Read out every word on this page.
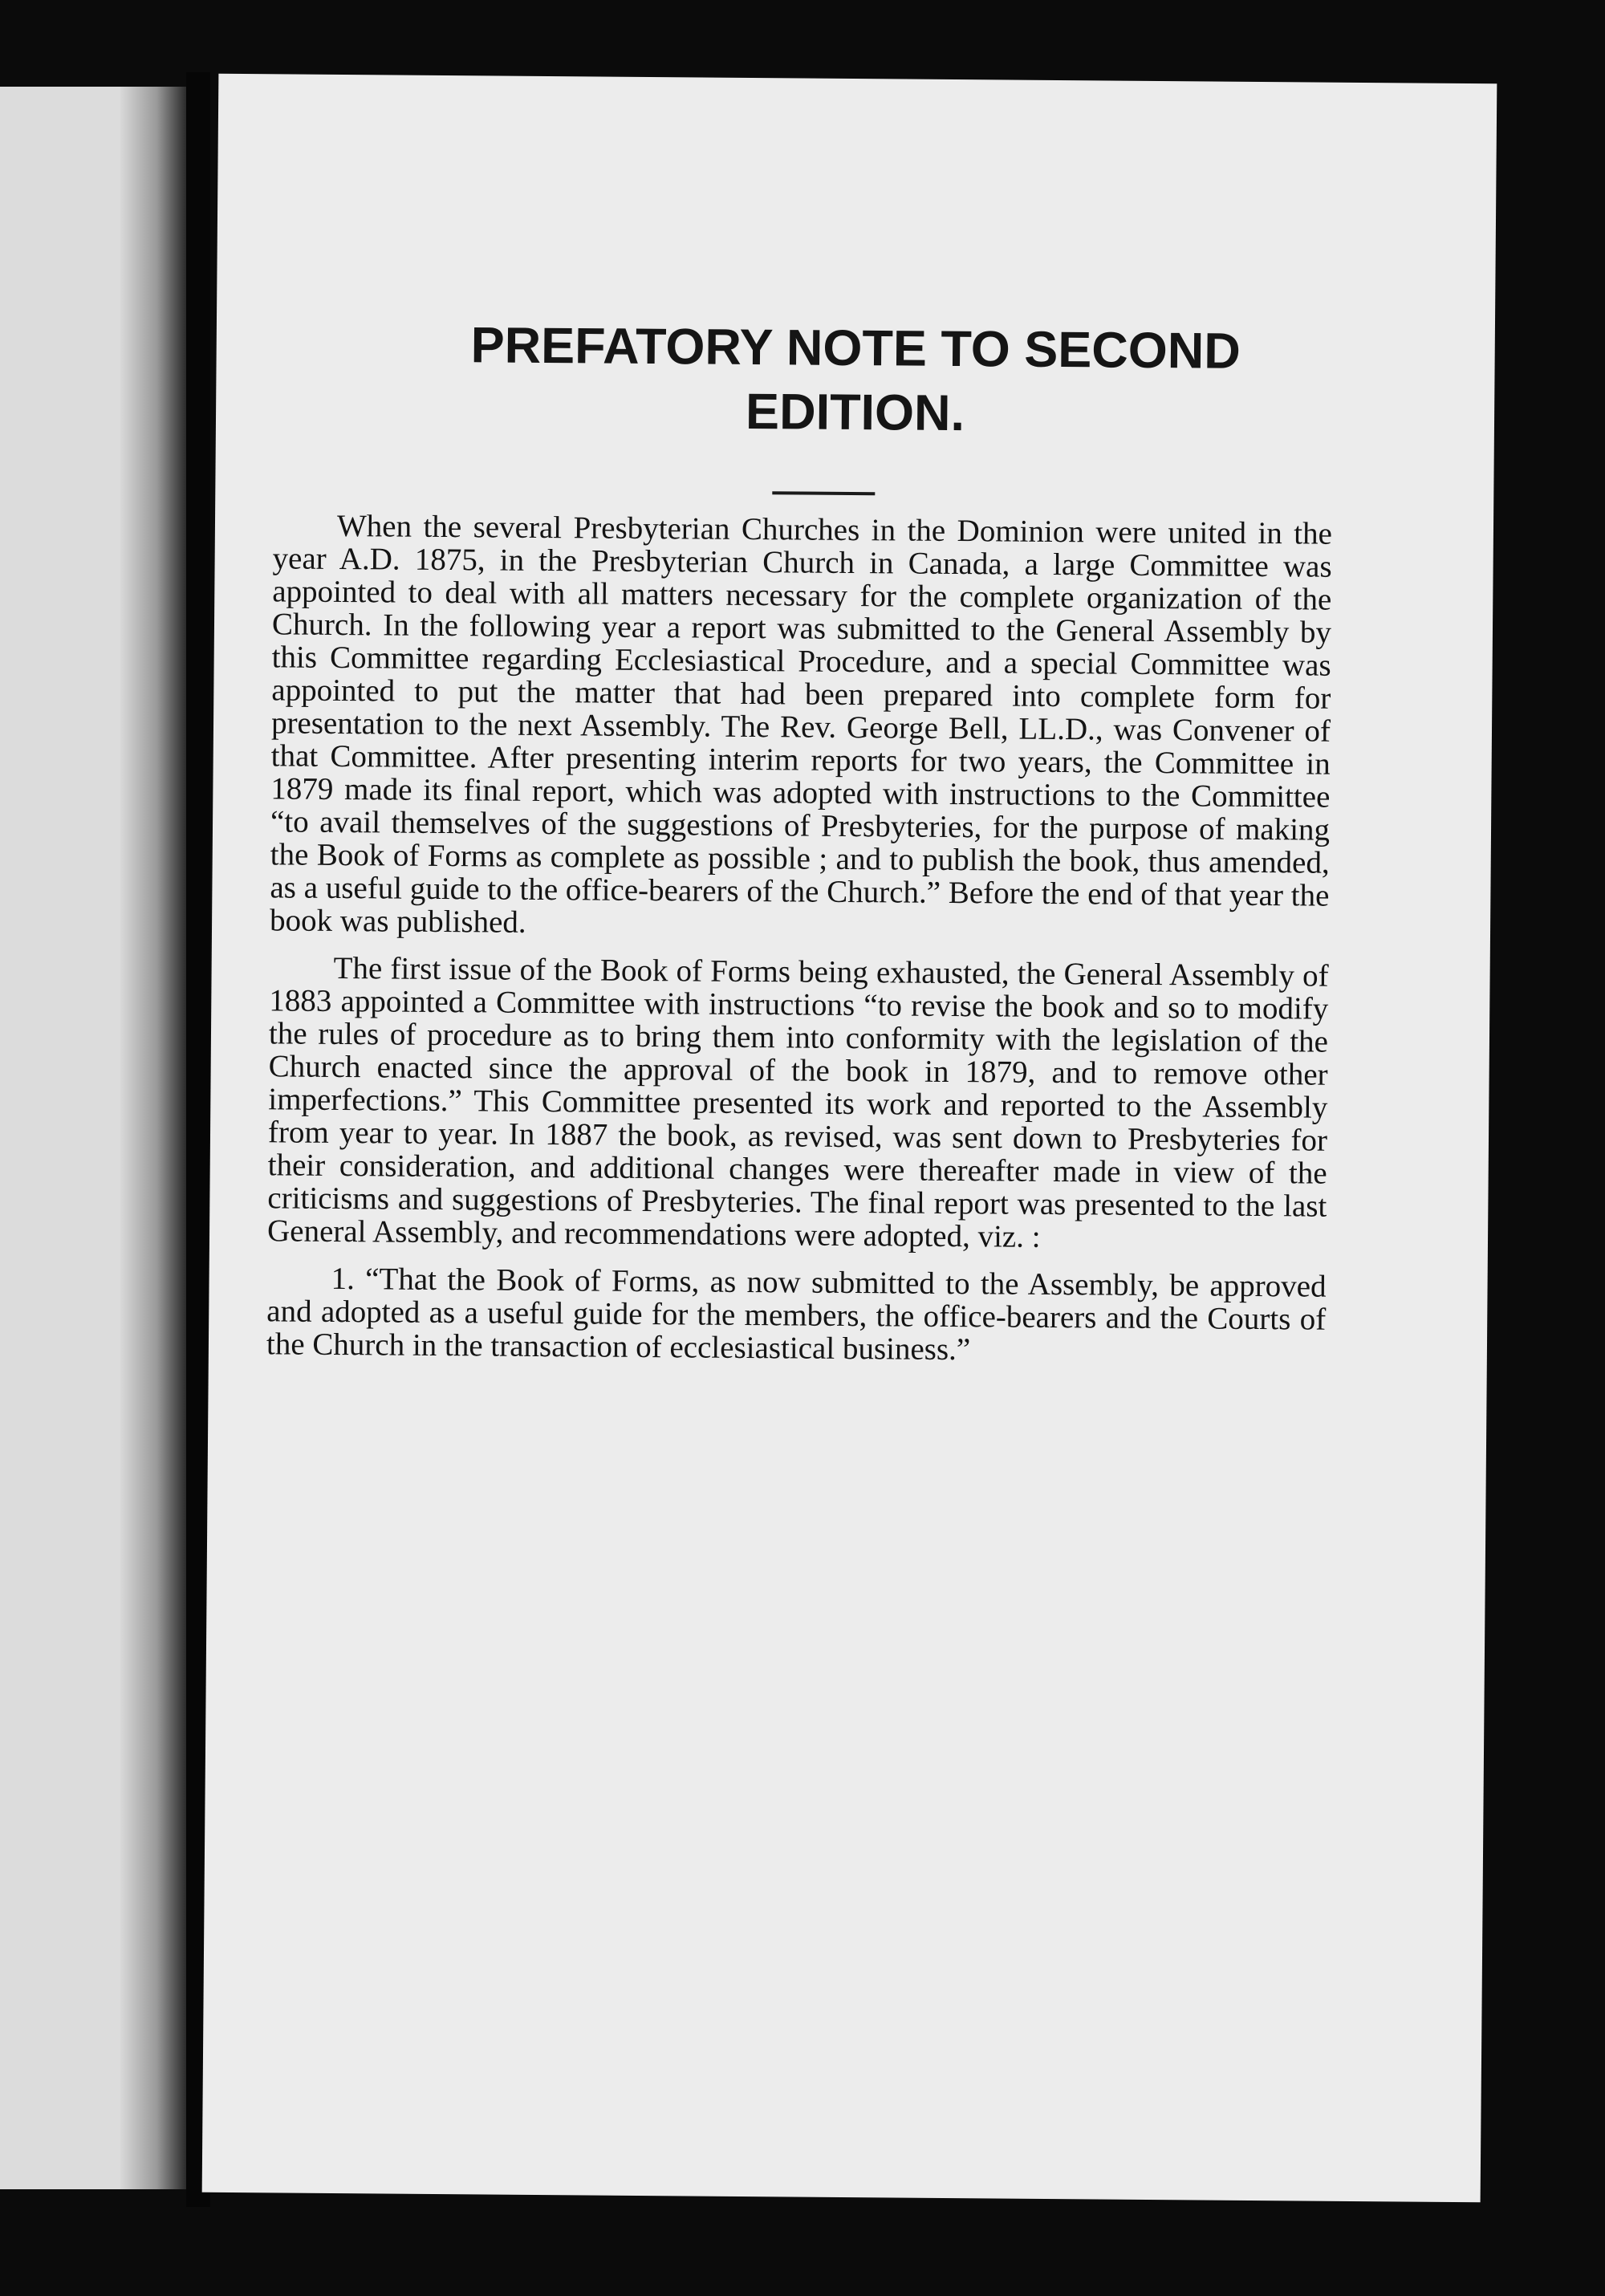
PREFATORY NOTE TO SECOND
EDITION.

When the several Presbyterian Churches in the Dominion were united in the year A.D. 1875, in the Presbyterian Church in Canada, a large Committee was appointed to deal with all matters necessary for the complete organization of the Church. In the following year a report was submitted to the General Assembly by this Committee regarding Ecclesiastical Procedure, and a special Committee was appointed to put the matter that had been prepared into complete form for presentation to the next Assembly. The Rev. George Bell, LL.D., was Convener of that Committee. After presenting interim reports for two years, the Committee in 1879 made its final report, which was adopted with instructions to the Committee “to avail themselves of the suggestions of Presbyteries, for the purpose of making the Book of Forms as complete as possible ; and to publish the book, thus amended, as a useful guide to the office-bearers of the Church.” Before the end of that year the book was published.

The first issue of the Book of Forms being exhausted, the General Assembly of 1883 appointed a Committee with instructions “to revise the book and so to modify the rules of procedure as to bring them into conformity with the legislation of the Church enacted since the approval of the book in 1879, and to remove other imperfections.” This Committee presented its work and reported to the Assembly from year to year. In 1887 the book, as revised, was sent down to Presbyteries for their consideration, and additional changes were thereafter made in view of the criticisms and suggestions of Presbyteries. The final report was presented to the last General Assembly, and recommendations were adopted, viz. :

1. “That the Book of Forms, as now submitted to the Assembly, be approved and adopted as a useful guide for the members, the office-bearers and the Courts of the Church in the transaction of ecclesiastical business.”
